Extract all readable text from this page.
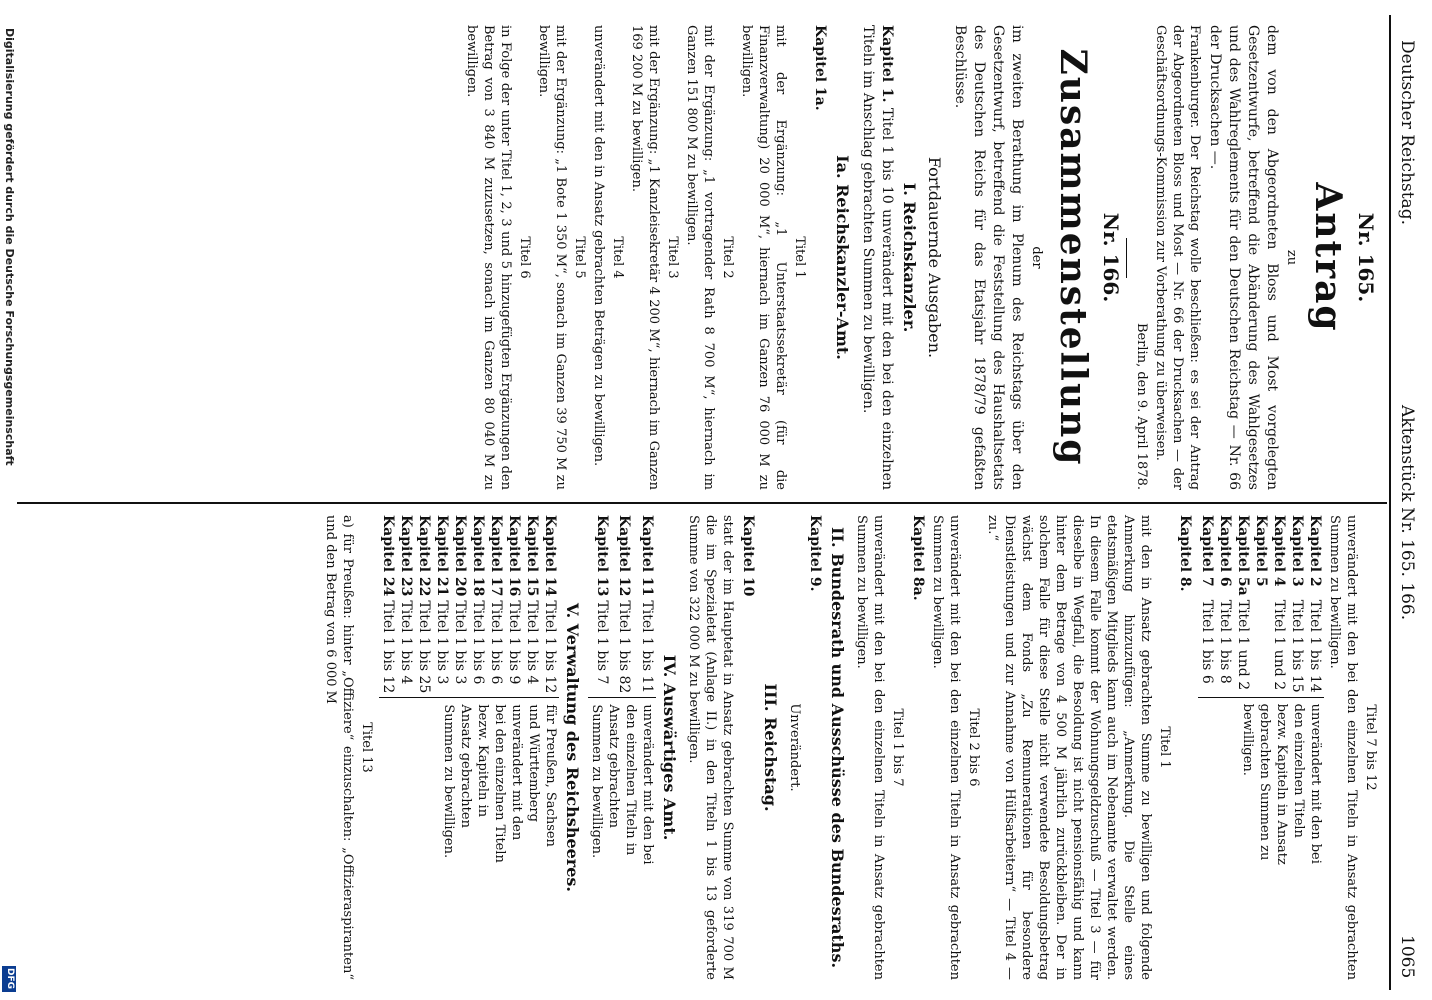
Deutscher Reichstag.
Aktenstück Nr. 165. 166.
1065

Nr. 165.

Antrag

zu

dem von den Abgeordneten Bloss und Most vorgelegten Gesetzentwurfe, betreffend die Abänderung des Wahlgesetzes und des Wahlreglements für den Deutschen Reichstag — Nr. 66 der Drucksachen —.

Frankenburger. Der Reichstag wolle beschließen: es sei der Antrag der Abgeordneten Bloss und Most — Nr. 66 der Drucksachen — der Geschäftsordnungs-Kommission zur Vorberathung zu überweisen.

Berlin, den 9. April 1878.

Nr. 166.

Zusammenstellung

der

im zweiten Berathung im Plenum des Reichstags über den Gesetzentwurf, betreffend die Feststellung des Haushaltsetats des Deutschen Reichs für das Etatsjahr 1878/79 gefaßten Beschlüsse.

Fortdauernde Ausgaben.

I. Reichskanzler.

Kapitel 1. Titel 1 bis 10 unverändert mit den bei den einzelnen Titeln im Anschlag gebrachten Summen zu bewilligen.

Ia. Reichskanzler-Amt.

Kapitel 1a.

Titel 1

mit der Ergänzung: „1 Unterstaatssekretär (für die Finanzverwaltung) 20 000 M“, hiernach im Ganzen 76 000 M zu bewilligen.

Titel 2

mit der Ergänzung: „1 vortragender Rath 8 700 M“, hiernach im Ganzen 151 800 M zu bewilligen.

Titel 3

mit der Ergänzung: „1 Kanzleisekretär 4 200 M“, hiernach im Ganzen 169 200 M zu bewilligen.

Titel 4

unverändert mit den in Ansatz gebrachten Beträgen zu bewilligen.

Titel 5

mit der Ergänzung: „1 Bote 1 350 M“, sonach im Ganzen 39 750 M zu bewilligen.

Titel 6

in Folge der unter Titel 1, 2, 3 und 5 hinzugefügten Ergänzungen den Betrag von 3 840 M zuzusetzen, sonach im Ganzen 80 040 M zu bewilligen.

Titel 7 bis 12

unverändert mit den bei den einzelnen Titeln in Ansatz gebrachten Summen zu bewilligen.

Kapitel 2	Titel 1 bis 14	unverändert mit den bei den einzelnen Titeln bezw. Kapiteln in Ansatz gebrachten Summen zu bewilligen.
Kapitel 3	Titel 1 bis 15	
Kapitel 4	Titel 1 und 2	
Kapitel 5		
Kapitel 5a	Titel 1 und 2	
Kapitel 6	Titel 1 bis 8	
Kapitel 7	Titel 1 bis 6	

Kapitel 8.

Titel 1

mit den in Ansatz gebrachten Summe zu bewilligen und folgende Anmerkung hinzuzufügen: „Anmerkung. Die Stelle eines etatsmäßigen Mitglieds kann auch im Nebenamte verwaltet werden. In diesem Falle kommt der Wohnungsgeldzuschuß — Titel 3 — für dieselbe in Wegfall, die Besoldung ist nicht pensionsfähig und kann hinter dem Betrage von 4 500 M jährlich zurückbleiben. Der in solchem Falle für diese Stelle nicht verwendete Besoldungsbetrag wächst dem Fonds „Zu Remunerationen für besondere Dienstleistungen und zur Annahme von Hülfsarbeitern“ — Titel 4 — zu.“

Titel 2 bis 6

unverändert mit den bei den einzelnen Titeln in Ansatz gebrachten Summen zu bewilligen.

Kapitel 8a.

Titel 1 bis 7

unverändert mit den bei den einzelnen Titeln in Ansatz gebrachten Summen zu bewilligen.

II. Bundesrath und Ausschüsse des Bundesraths.

Kapitel 9.

Unverändert.

III. Reichstag.

Kapitel 10

statt der im Hauptetat in Ansatz gebrachten Summe von 319 700 M die im Spezialetat (Anlage II.) in den Titeln 1 bis 13 geforderte Summe von 322 000 M zu bewilligen.

IV. Auswärtiges Amt.

Kapitel 11	Titel 1 bis 11	unverändert mit den bei den einzelnen Titeln in Ansatz gebrachten Summen zu bewilligen.
Kapitel 12	Titel 1 bis 82	
Kapitel 13	Titel 1 bis 7	

V. Verwaltung des Reichsheeres.

Kapitel 14	Titel 1 bis 12	für Preußen, Sachsen und Württemberg unverändert mit den bei den einzelnen Titeln bezw. Kapiteln in Ansatz gebrachten Summen zu bewilligen.
Kapitel 15	Titel 1 bis 4	
Kapitel 16	Titel 1 bis 9	
Kapitel 17	Titel 1 bis 6	
Kapitel 18	Titel 1 bis 6	
Kapitel 20	Titel 1 bis 3	
Kapitel 21	Titel 1 bis 3	
Kapitel 22	Titel 1 bis 25	
Kapitel 23	Titel 1 bis 4	
Kapitel 24	Titel 1 bis 12	

Titel 13

a) für Preußen: hinter „Offiziere“ einzuschalten: „Offizieraspiranten“ und den Betrag von 6 000 M

Digitalisierung gefördert durch die Deutsche Forschungsgemeinschaft
DFG
